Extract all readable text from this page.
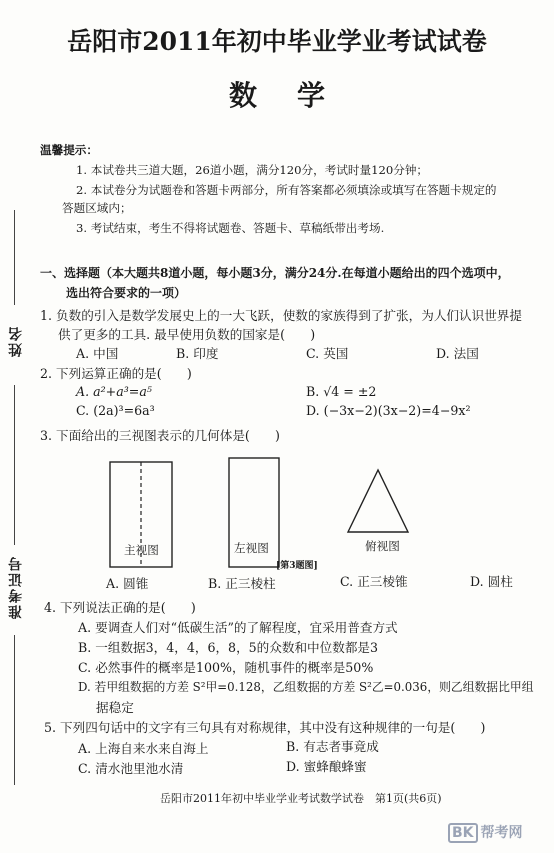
岳阳市2011年初中毕业学业考试试卷
数学
姓名
准考证号
温馨提示：
1. 本试卷共三道大题，26道小题，满分120分，考试时量120分钟；
2. 本试卷分为试题卷和答题卡两部分，所有答案都必须填涂或填写在答题卡规定的
答题区域内；
3. 考试结束，考生不得将试题卷、答题卡、草稿纸带出考场.
一、选择题（本大题共8道小题，每小题3分，满分24分.在每道小题给出的四个选项中，
选出符合要求的一项）
1. 负数的引入是数学发展史上的一大飞跃，使数的家族得到了扩张，为人们认识世界提
供了更多的工具. 最早使用负数的国家是(　　)
A. 中国	B. 印度	C. 英国	D. 法国
2. 下列运算正确的是(　　)
A. a²+a³=a⁵	B. √4 = ±2
C. (2a)³=6a³	D. (−3x−2)(3x−2)=4−9x²
3. 下面给出的三视图表示的几何体是(　　)
主视图	左视图	俯视图
[第3题图]
A. 圆锥	B. 正三棱柱	C. 正三棱锥	D. 圆柱
4. 下列说法正确的是(　　)
A. 要调查人们对“低碳生活”的了解程度，宜采用普查方式
B. 一组数据3，4，4，6，8，5的众数和中位数都是3
C. 必然事件的概率是100%，随机事件的概率是50%
D. 若甲组数据的方差 S²甲=0.128，乙组数据的方差 S²乙=0.036，则乙组数据比甲组
据稳定
5. 下列四句话中的文字有三句具有对称规律，其中没有这种规律的一句是(　　)
A. 上海自来水来自海上	B. 有志者事竟成
C. 清水池里池水清	D. 蜜蜂酿蜂蜜
岳阳市2011年初中毕业学业考试数学试卷　第1页(共6页)
BK 帮考网
